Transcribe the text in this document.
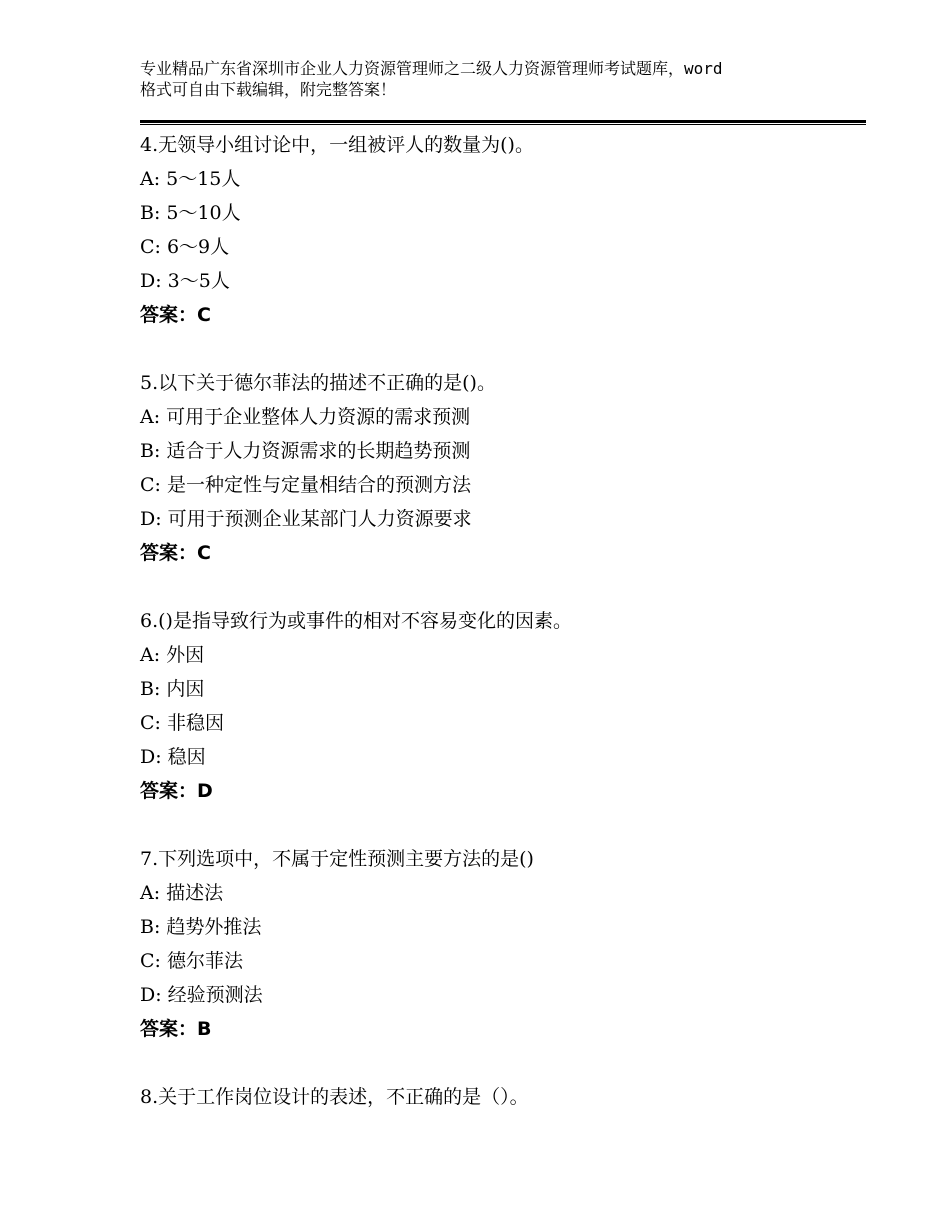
专业精品广东省深圳市企业人力资源管理师之二级人力资源管理师考试题库，word
格式可自由下载编辑，附完整答案！
4.无领导小组讨论中，一组被评人的数量为()。
A: 5～15人
B: 5～10人
C: 6～9人
D: 3～5人
答案：C
5.以下关于德尔菲法的描述不正确的是()。
A: 可用于企业整体人力资源的需求预测
B: 适合于人力资源需求的长期趋势预测
C: 是一种定性与定量相结合的预测方法
D: 可用于预测企业某部门人力资源要求
答案：C
6.()是指导致行为或事件的相对不容易变化的因素。
A: 外因
B: 内因
C: 非稳因
D: 稳因
答案：D
7.下列选项中，不属于定性预测主要方法的是()
A: 描述法
B: 趋势外推法
C: 德尔菲法
D: 经验预测法
答案：B
8.关于工作岗位设计的表述，不正确的是（）。
